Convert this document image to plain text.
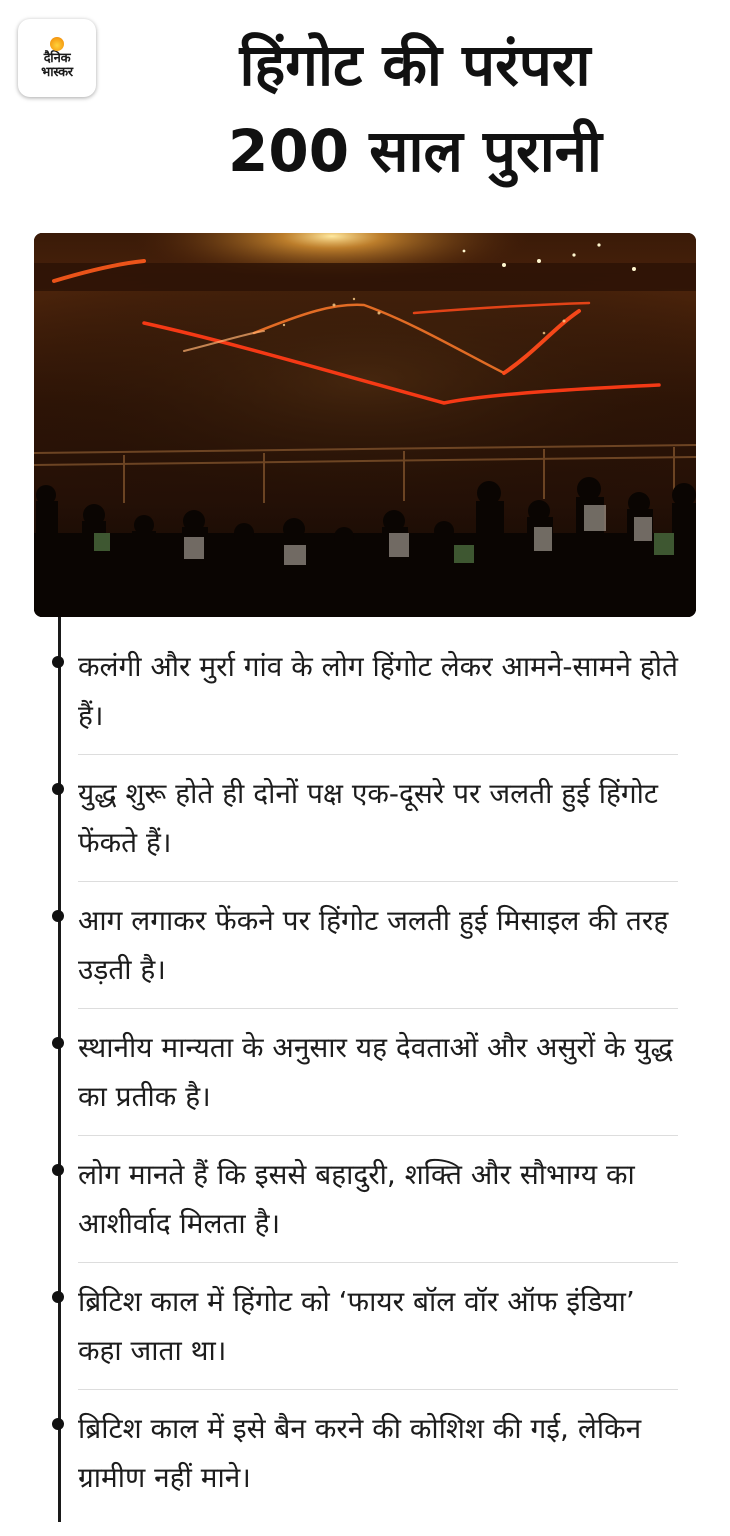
दैनिक
भास्कर	हिंगोट की परंपरा
200 साल पुरानी

कलंगी और मुर्रा गांव के लोग हिंगोट लेकर आमने-सामने होते हैं।

युद्ध शुरू होते ही दोनों पक्ष एक-दूसरे पर जलती हुई हिंगोट फेंकते हैं।

आग लगाकर फेंकने पर हिंगोट जलती हुई मिसाइल की तरह उड़ती है।

स्थानीय मान्यता के अनुसार यह देवताओं और असुरों के युद्ध का प्रतीक है।

लोग मानते हैं कि इससे बहादुरी, शक्ति और सौभाग्य का आशीर्वाद मिलता है।

ब्रिटिश काल में हिंगोट को ‘फायर बॉल वॉर ऑफ इंडिया’ कहा जाता था।

ब्रिटिश काल में इसे बैन करने की कोशिश की गई, लेकिन ग्रामीण नहीं माने।
